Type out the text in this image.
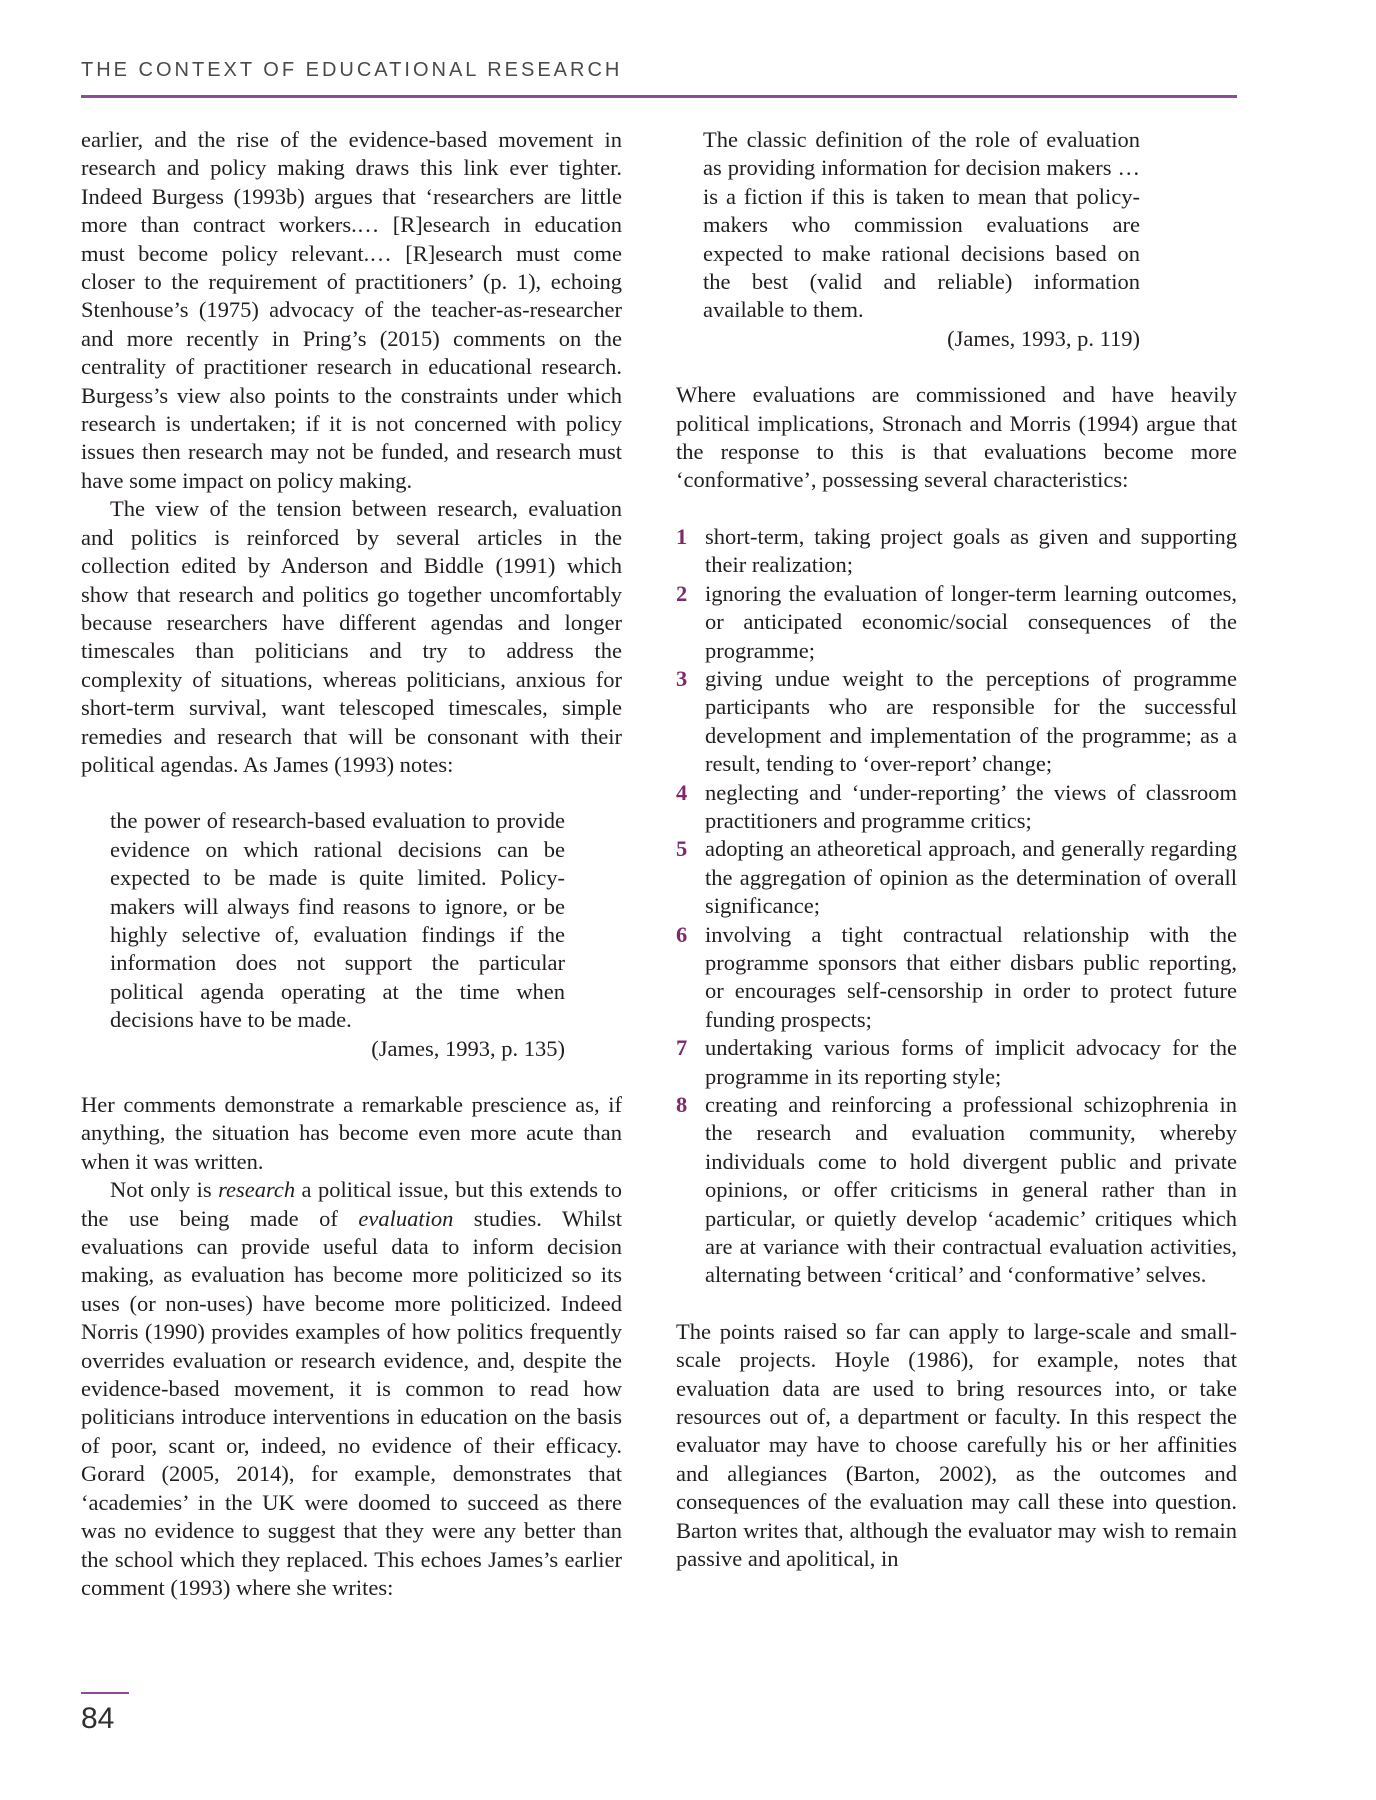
THE CONTEXT OF EDUCATIONAL RESEARCH

earlier, and the rise of the evidence-based movement in research and policy making draws this link ever tighter. Indeed Burgess (1993b) argues that ‘researchers are little more than contract workers.… [R]esearch in education must become policy relevant.… [R]esearch must come closer to the requirement of practitioners’ (p. 1), echoing Stenhouse’s (1975) advocacy of the teacher-as-researcher and more recently in Pring’s (2015) comments on the centrality of practitioner research in educational research. Burgess’s view also points to the constraints under which research is undertaken; if it is not concerned with policy issues then research may not be funded, and research must have some impact on policy making.

The view of the tension between research, evaluation and politics is reinforced by several articles in the collection edited by Anderson and Biddle (1991) which show that research and politics go together uncomfortably because researchers have different agendas and longer timescales than politicians and try to address the complexity of situations, whereas politicians, anxious for short-term survival, want telescoped timescales, simple remedies and research that will be consonant with their political agendas. As James (1993) notes:

the power of research-based evaluation to provide evidence on which rational decisions can be expected to be made is quite limited. Policy-makers will always find reasons to ignore, or be highly selective of, evaluation findings if the information does not support the particular political agenda operating at the time when decisions have to be made.

(James, 1993, p. 135)

Her comments demonstrate a remarkable prescience as, if anything, the situation has become even more acute than when it was written.

Not only is research a political issue, but this extends to the use being made of evaluation studies. Whilst evaluations can provide useful data to inform decision making, as evaluation has become more politicized so its uses (or non-uses) have become more politicized. Indeed Norris (1990) provides examples of how politics frequently overrides evaluation or research evidence, and, despite the evidence-based movement, it is common to read how politicians introduce interventions in education on the basis of poor, scant or, indeed, no evidence of their efficacy. Gorard (2005, 2014), for example, demonstrates that ‘academies’ in the UK were doomed to succeed as there was no evidence to suggest that they were any better than the school which they replaced. This echoes James’s earlier comment (1993) where she writes:

The classic definition of the role of evaluation as providing information for decision makers … is a fiction if this is taken to mean that policy-makers who commission evaluations are expected to make rational decisions based on the best (valid and reliable) information available to them.

(James, 1993, p. 119)

Where evaluations are commissioned and have heavily political implications, Stronach and Morris (1994) argue that the response to this is that evaluations become more ‘conformative’, possessing several characteristics:

1 short-term, taking project goals as given and supporting their realization;

2 ignoring the evaluation of longer-term learning outcomes, or anticipated economic/social consequences of the programme;

3 giving undue weight to the perceptions of programme participants who are responsible for the successful development and implementation of the programme; as a result, tending to ‘over-report’ change;

4 neglecting and ‘under-reporting’ the views of classroom practitioners and programme critics;

5 adopting an atheoretical approach, and generally regarding the aggregation of opinion as the determination of overall significance;

6 involving a tight contractual relationship with the programme sponsors that either disbars public reporting, or encourages self-censorship in order to protect future funding prospects;

7 undertaking various forms of implicit advocacy for the programme in its reporting style;

8 creating and reinforcing a professional schizophrenia in the research and evaluation community, whereby individuals come to hold divergent public and private opinions, or offer criticisms in general rather than in particular, or quietly develop ‘academic’ critiques which are at variance with their contractual evaluation activities, alternating between ‘critical’ and ‘conformative’ selves.

The points raised so far can apply to large-scale and small-scale projects. Hoyle (1986), for example, notes that evaluation data are used to bring resources into, or take resources out of, a department or faculty. In this respect the evaluator may have to choose carefully his or her affinities and allegiances (Barton, 2002), as the outcomes and consequences of the evaluation may call these into question. Barton writes that, although the evaluator may wish to remain passive and apolitical, in

84
